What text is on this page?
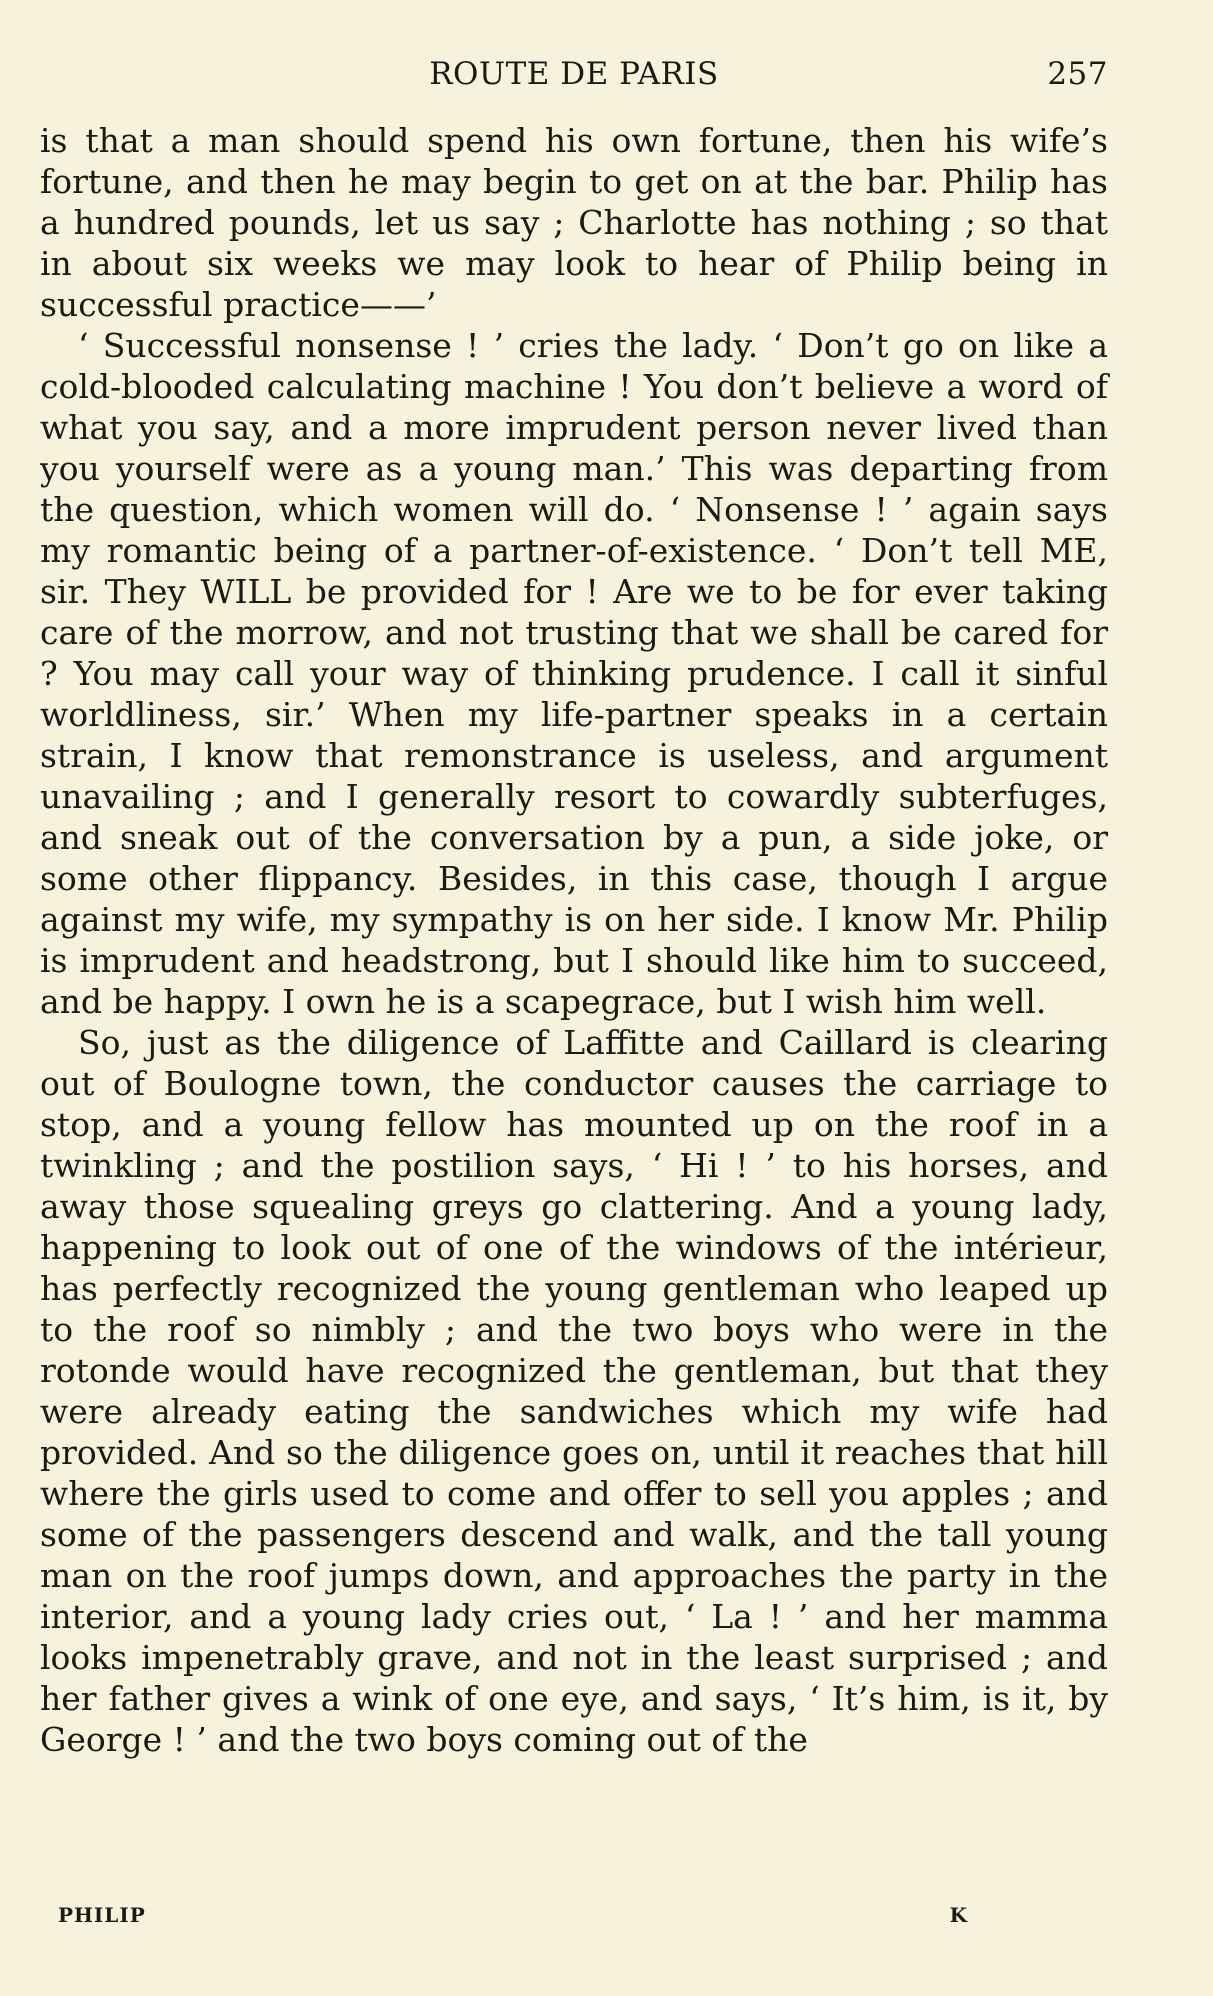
ROUTE DE PARIS	257

is that a man should spend his own fortune, then his wife’s fortune, and then he may begin to get on at the bar. Philip has a hundred pounds, let us say ; Charlotte has nothing ; so that in about six weeks we may look to hear of Philip being in successful practice——’

‘ Successful nonsense ! ’ cries the lady. ‘ Don’t go on like a cold-blooded calculating machine ! You don’t believe a word of what you say, and a more imprudent person never lived than you yourself were as a young man.’ This was departing from the question, which women will do. ‘ Nonsense ! ’ again says my romantic being of a partner-of-existence. ‘ Don’t tell ME, sir. They WILL be provided for ! Are we to be for ever taking care of the morrow, and not trusting that we shall be cared for ? You may call your way of thinking prudence. I call it sinful worldliness, sir.’ When my life-partner speaks in a certain strain, I know that remonstrance is useless, and argument unavailing ; and I generally resort to cowardly subterfuges, and sneak out of the conversation by a pun, a side joke, or some other flippancy. Besides, in this case, though I argue against my wife, my sympathy is on her side. I know Mr. Philip is imprudent and headstrong, but I should like him to succeed, and be happy. I own he is a scapegrace, but I wish him well.

So, just as the diligence of Laffitte and Caillard is clearing out of Boulogne town, the conductor causes the carriage to stop, and a young fellow has mounted up on the roof in a twinkling ; and the postilion says, ‘ Hi ! ’ to his horses, and away those squealing greys go clattering. And a young lady, happening to look out of one of the windows of the intérieur, has perfectly recognized the young gentleman who leaped up to the roof so nimbly ; and the two boys who were in the rotonde would have recognized the gentleman, but that they were already eating the sandwiches which my wife had provided. And so the diligence goes on, until it reaches that hill where the girls used to come and offer to sell you apples ; and some of the passengers descend and walk, and the tall young man on the roof jumps down, and approaches the party in the interior, and a young lady cries out, ‘ La ! ’ and her mamma looks impenetrably grave, and not in the least surprised ; and her father gives a wink of one eye, and says, ‘ It’s him, is it, by George ! ’ and the two boys coming out of the

PHILIP	K
